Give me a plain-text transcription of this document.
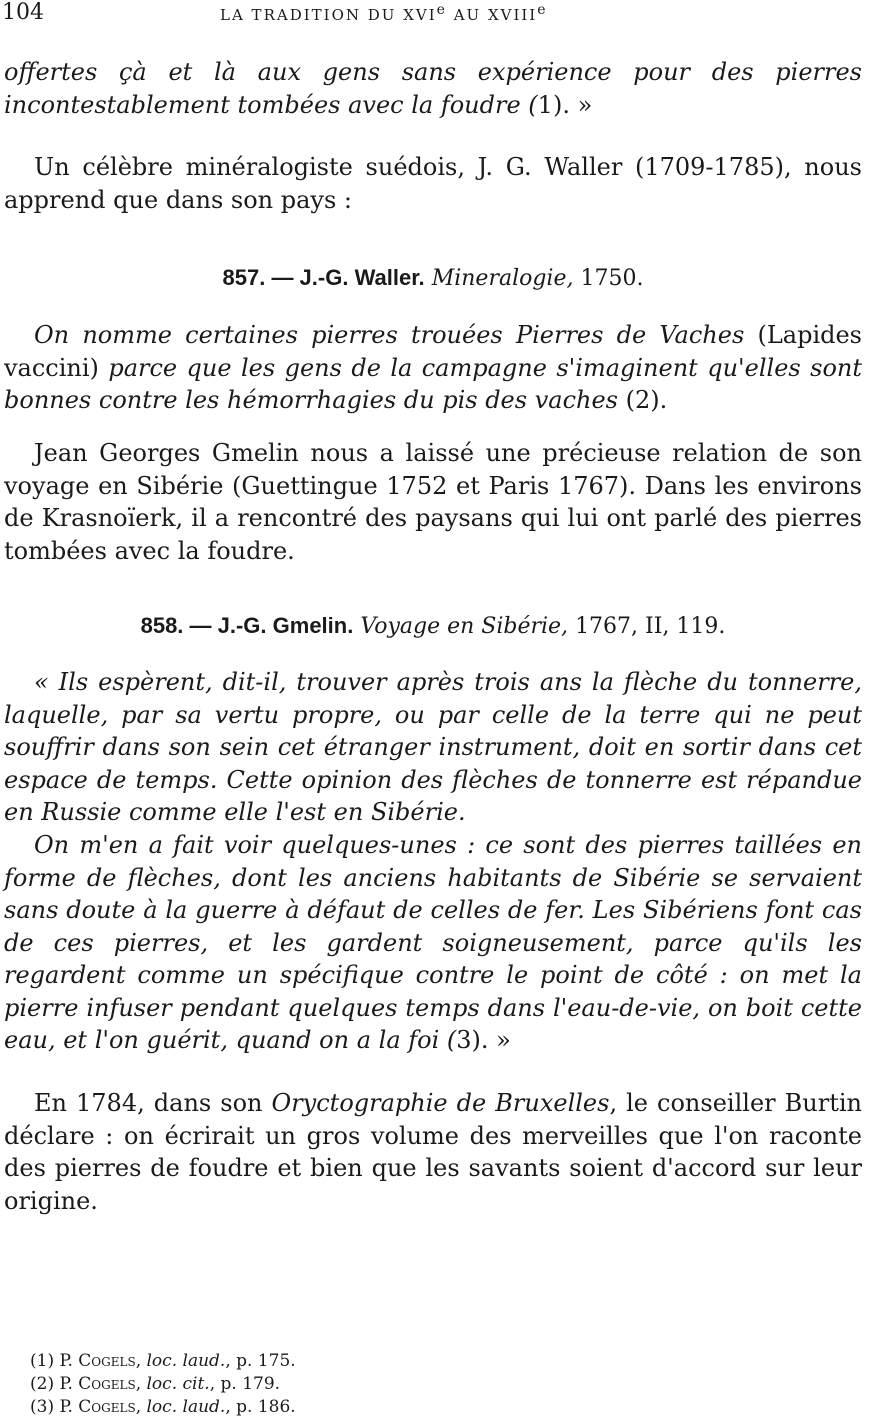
104	LA TRADITION DU XVIe AU XVIIIe

offertes çà et là aux gens sans expérience pour des pierres incontestablement tombées avec la foudre (1). »

Un célèbre minéralogiste suédois, J. G. Waller (1709-1785), nous apprend que dans son pays :

857. — J.-G. Waller. Mineralogie, 1750.

On nomme certaines pierres trouées Pierres de Vaches (Lapides vaccini) parce que les gens de la campagne s'imaginent qu'elles sont bonnes contre les hémorrhagies du pis des vaches (2).

Jean Georges Gmelin nous a laissé une précieuse relation de son voyage en Sibérie (Guettingue 1752 et Paris 1767). Dans les environs de Krasnoïerk, il a rencontré des paysans qui lui ont parlé des pierres tombées avec la foudre.

858. — J.-G. Gmelin. Voyage en Sibérie, 1767, II, 119.

« Ils espèrent, dit-il, trouver après trois ans la flèche du tonnerre, laquelle, par sa vertu propre, ou par celle de la terre qui ne peut souffrir dans son sein cet étranger instrument, doit en sortir dans cet espace de temps. Cette opinion des flèches de tonnerre est répandue en Russie comme elle l'est en Sibérie.

On m'en a fait voir quelques-unes : ce sont des pierres taillées en forme de flèches, dont les anciens habitants de Sibérie se servaient sans doute à la guerre à défaut de celles de fer. Les Sibériens font cas de ces pierres, et les gardent soigneusement, parce qu'ils les regardent comme un spécifique contre le point de côté : on met la pierre infuser pendant quelques temps dans l'eau-de-vie, on boit cette eau, et l'on guérit, quand on a la foi (3). »

En 1784, dans son Oryctographie de Bruxelles, le conseiller Burtin déclare : on écrirait un gros volume des merveilles que l'on raconte des pierres de foudre et bien que les savants soient d'accord sur leur origine.

(1) P. Cogels, loc. laud., p. 175.
(2) P. Cogels, loc. cit., p. 179.
(3) P. Cogels, loc. laud., p. 186.
